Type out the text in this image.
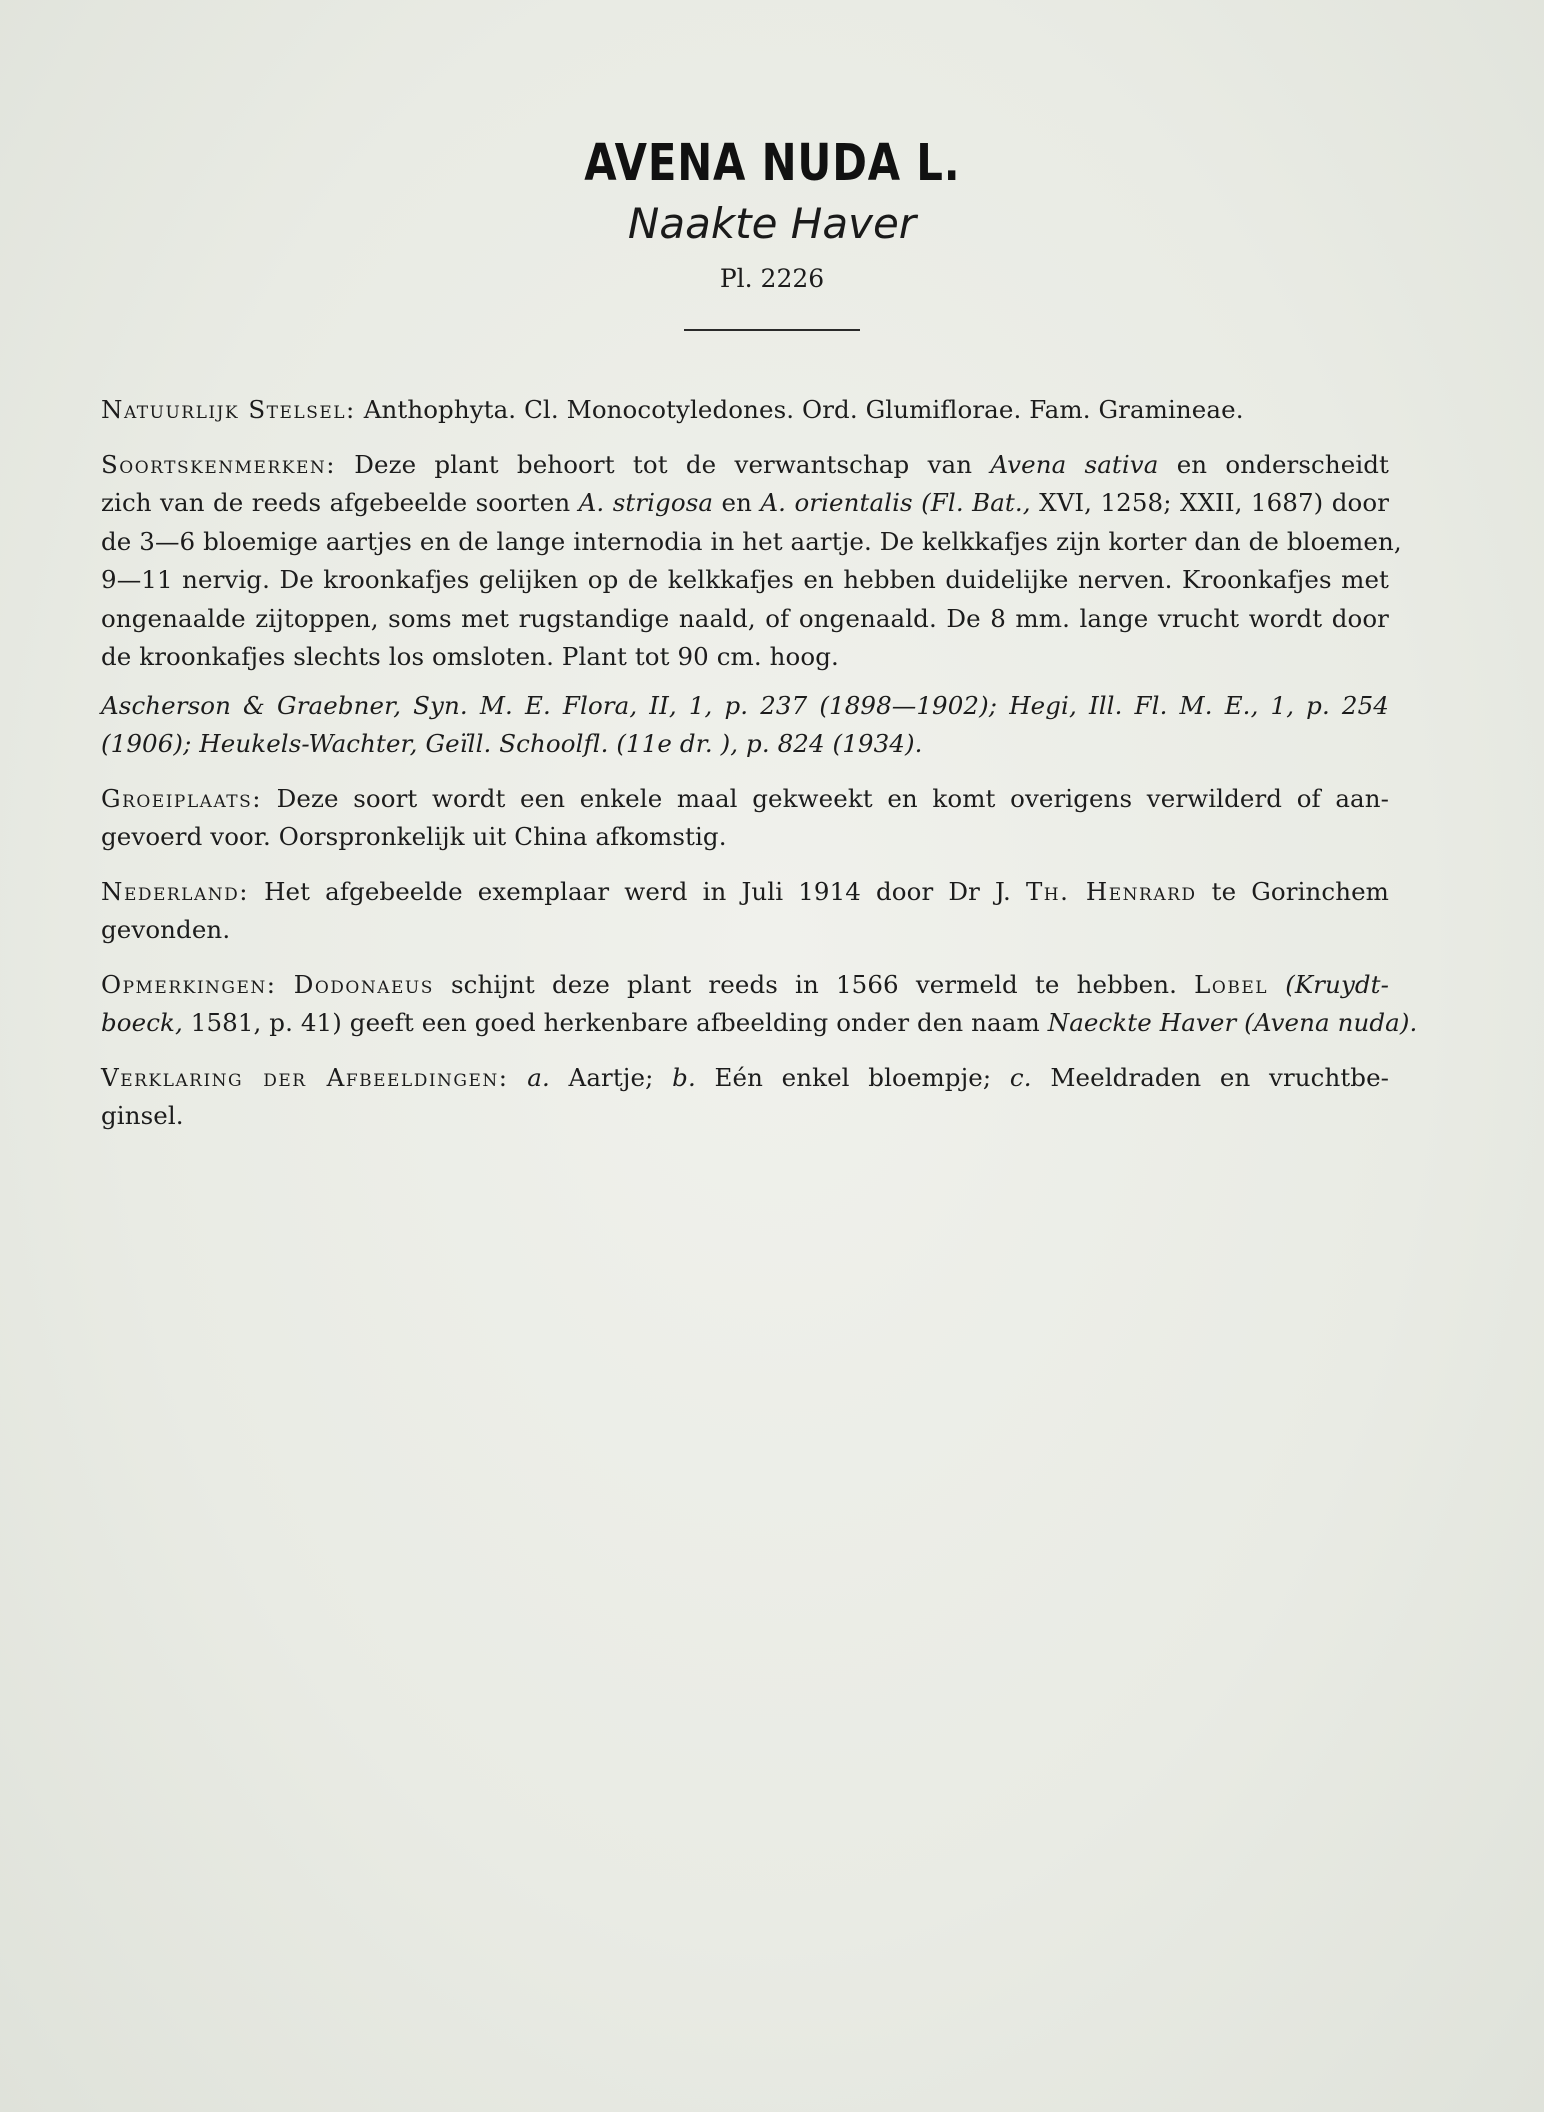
AVENA NUDA L.
Naakte Haver
Pl. 2226

Natuurlijk Stelsel: Anthophyta. Cl. Monocotyledones. Ord. Glumiflorae. Fam. Gramineae.

Soortskenmerken: Deze plant behoort tot de verwantschap van Avena sativa en onderscheidt
zich van de reeds afgebeelde soorten A. strigosa en A. orientalis (Fl. Bat., XVI, 1258; XXII, 1687) door
de 3—6 bloemige aartjes en de lange internodia in het aartje. De kelkkafjes zijn korter dan de bloemen,
9—11 nervig. De kroonkafjes gelijken op de kelkkafjes en hebben duidelijke nerven. Kroonkafjes met
ongenaalde zijtoppen, soms met rugstandige naald, of ongenaald. De 8 mm. lange vrucht wordt door
de kroonkafjes slechts los omsloten. Plant tot 90 cm. hoog.

Ascherson & Graebner, Syn. M. E. Flora, II, 1, p. 237 (1898—1902); Hegi, Ill. Fl. M. E., 1, p. 254
(1906); Heukels-Wachter, Geïll. Schoolfl. (11e dr. ), p. 824 (1934).

Groeiplaats: Deze soort wordt een enkele maal gekweekt en komt overigens verwilderd of aan-
gevoerd voor. Oorspronkelijk uit China afkomstig.

Nederland: Het afgebeelde exemplaar werd in Juli 1914 door Dr J. Th. Henrard te Gorinchem
gevonden.

Opmerkingen: Dodonaeus schijnt deze plant reeds in 1566 vermeld te hebben. Lobel (Kruydt-
boeck, 1581, p. 41) geeft een goed herkenbare afbeelding onder den naam Naeckte Haver (Avena nuda).

Verklaring der Afbeeldingen: a. Aartje; b. Eén enkel bloempje; c. Meeldraden en vruchtbe-
ginsel.
